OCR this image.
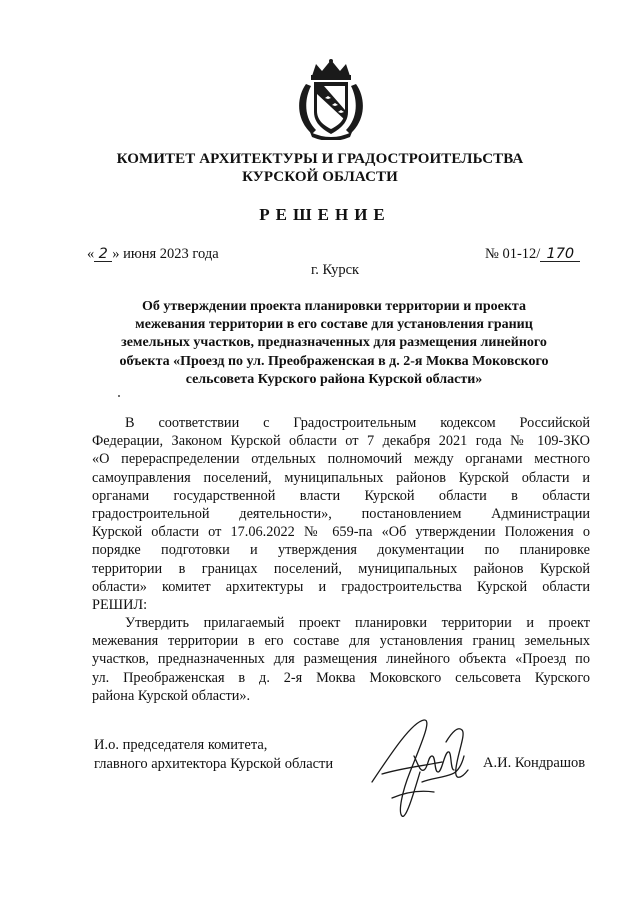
КОМИТЕТ АРХИТЕКТУРЫ И ГРАДОСТРОИТЕЛЬСТВА
КУРСКОЙ ОБЛАСТИ
РЕШЕНИЕ
« 2 » июня 2023 года	№ 01-12/ 170
г. Курск
Об утверждении проекта планировки территории и проекта
межевания территории в его составе для установления границ
земельных участков, предназначенных для размещения линейного
объекта «Проезд по ул. Преображенская в д. 2-я Моква Моковского
сельсовета Курского района Курской области»
В соответствии с Градостроительным кодексом Российской
Федерации, Законом Курской области от 7 декабря 2021 года № 109-ЗКО
«О перераспределении отдельных полномочий между органами местного
самоуправления поселений, муниципальных районов Курской области и
органами государственной власти Курской области в области
градостроительной деятельности», постановлением Администрации
Курской области от 17.06.2022 № 659-па «Об утверждении Положения о
порядке подготовки и утверждения документации по планировке
территории в границах поселений, муниципальных районов Курской
области» комитет архитектуры и градостроительства Курской области
РЕШИЛ:
Утвердить прилагаемый проект планировки территории и проект
межевания территории в его составе для установления границ земельных
участков, предназначенных для размещения линейного объекта «Проезд по
ул. Преображенская в д. 2-я Моква Моковского сельсовета Курского
района Курской области».
И.о. председателя комитета,
главного архитектора Курской области	А.И. Кондрашов
